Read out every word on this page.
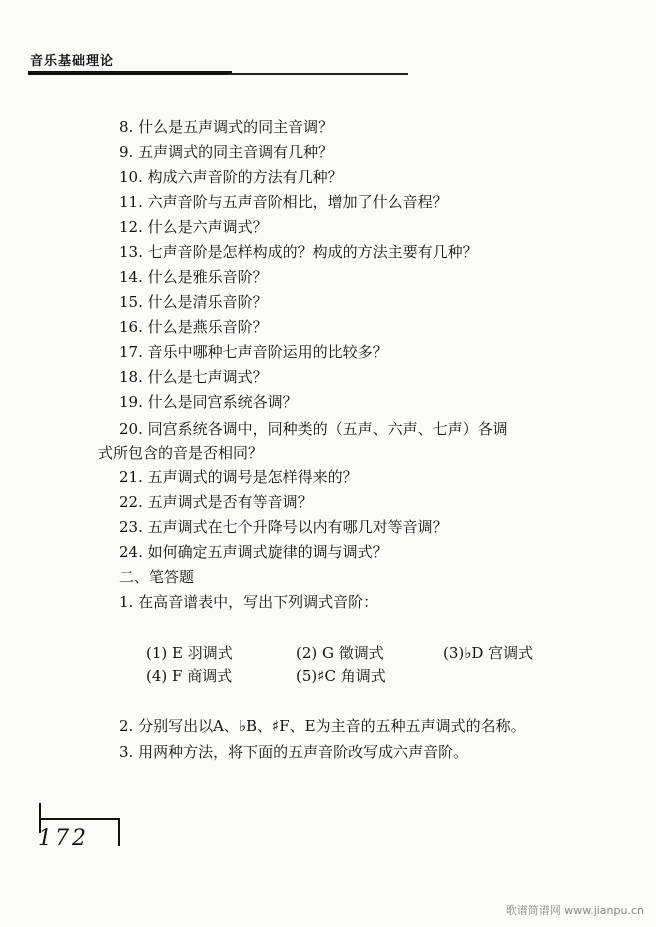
音乐基础理论
8. 什么是五声调式的同主音调？
9. 五声调式的同主音调有几种？
10. 构成六声音阶的方法有几种？
11. 六声音阶与五声音阶相比，增加了什么音程？
12. 什么是六声调式？
13. 七声音阶是怎样构成的？构成的方法主要有几种？
14. 什么是雅乐音阶？
15. 什么是清乐音阶？
16. 什么是燕乐音阶？
17. 音乐中哪种七声音阶运用的比较多？
18. 什么是七声调式？
19. 什么是同宫系统各调？
20. 同宫系统各调中，同种类的（五声、六声、七声）各调
式所包含的音是否相同？
21. 五声调式的调号是怎样得来的？
22. 五声调式是否有等音调？
23. 五声调式在七个升降号以内有哪几对等音调？
24. 如何确定五声调式旋律的调与调式？
二、笔答题
1. 在高音谱表中，写出下列调式音阶：
(1) E 羽调式	(2) G 徵调式	(3)♭D 宫调式
(4) F 商调式	(5)♯C 角调式
2. 分别写出以A、♭B、♯F、E为主音的五种五声调式的名称。
3. 用两种方法，将下面的五声音阶改写成六声音阶。
172
歌谱简谱网 www.jianpu.cn
